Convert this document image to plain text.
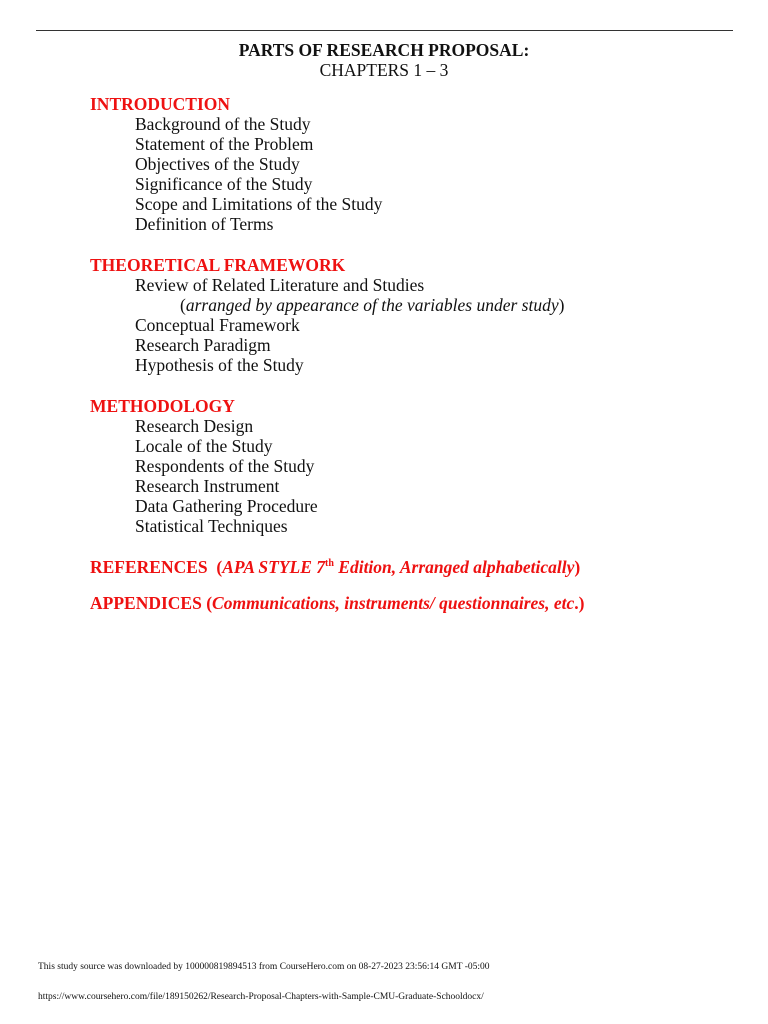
PARTS OF RESEARCH PROPOSAL:
CHAPTERS 1 – 3
INTRODUCTION
Background of the Study
Statement of the Problem
Objectives of the Study
Significance of the Study
Scope and Limitations of the Study
Definition of Terms
THEORETICAL FRAMEWORK
Review of Related Literature and Studies
(arranged by appearance of the variables under study)
Conceptual Framework
Research Paradigm
Hypothesis of the Study
METHODOLOGY
Research Design
Locale of the Study
Respondents of the Study
Research Instrument
Data Gathering Procedure
Statistical Techniques
REFERENCES  (APA STYLE 7th Edition, Arranged alphabetically)
APPENDICES (Communications, instruments/ questionnaires, etc.)
This study source was downloaded by 100000819894513 from CourseHero.com on 08-27-2023 23:56:14 GMT -05:00
https://www.coursehero.com/file/189150262/Research-Proposal-Chapters-with-Sample-CMU-Graduate-Schooldocx/
